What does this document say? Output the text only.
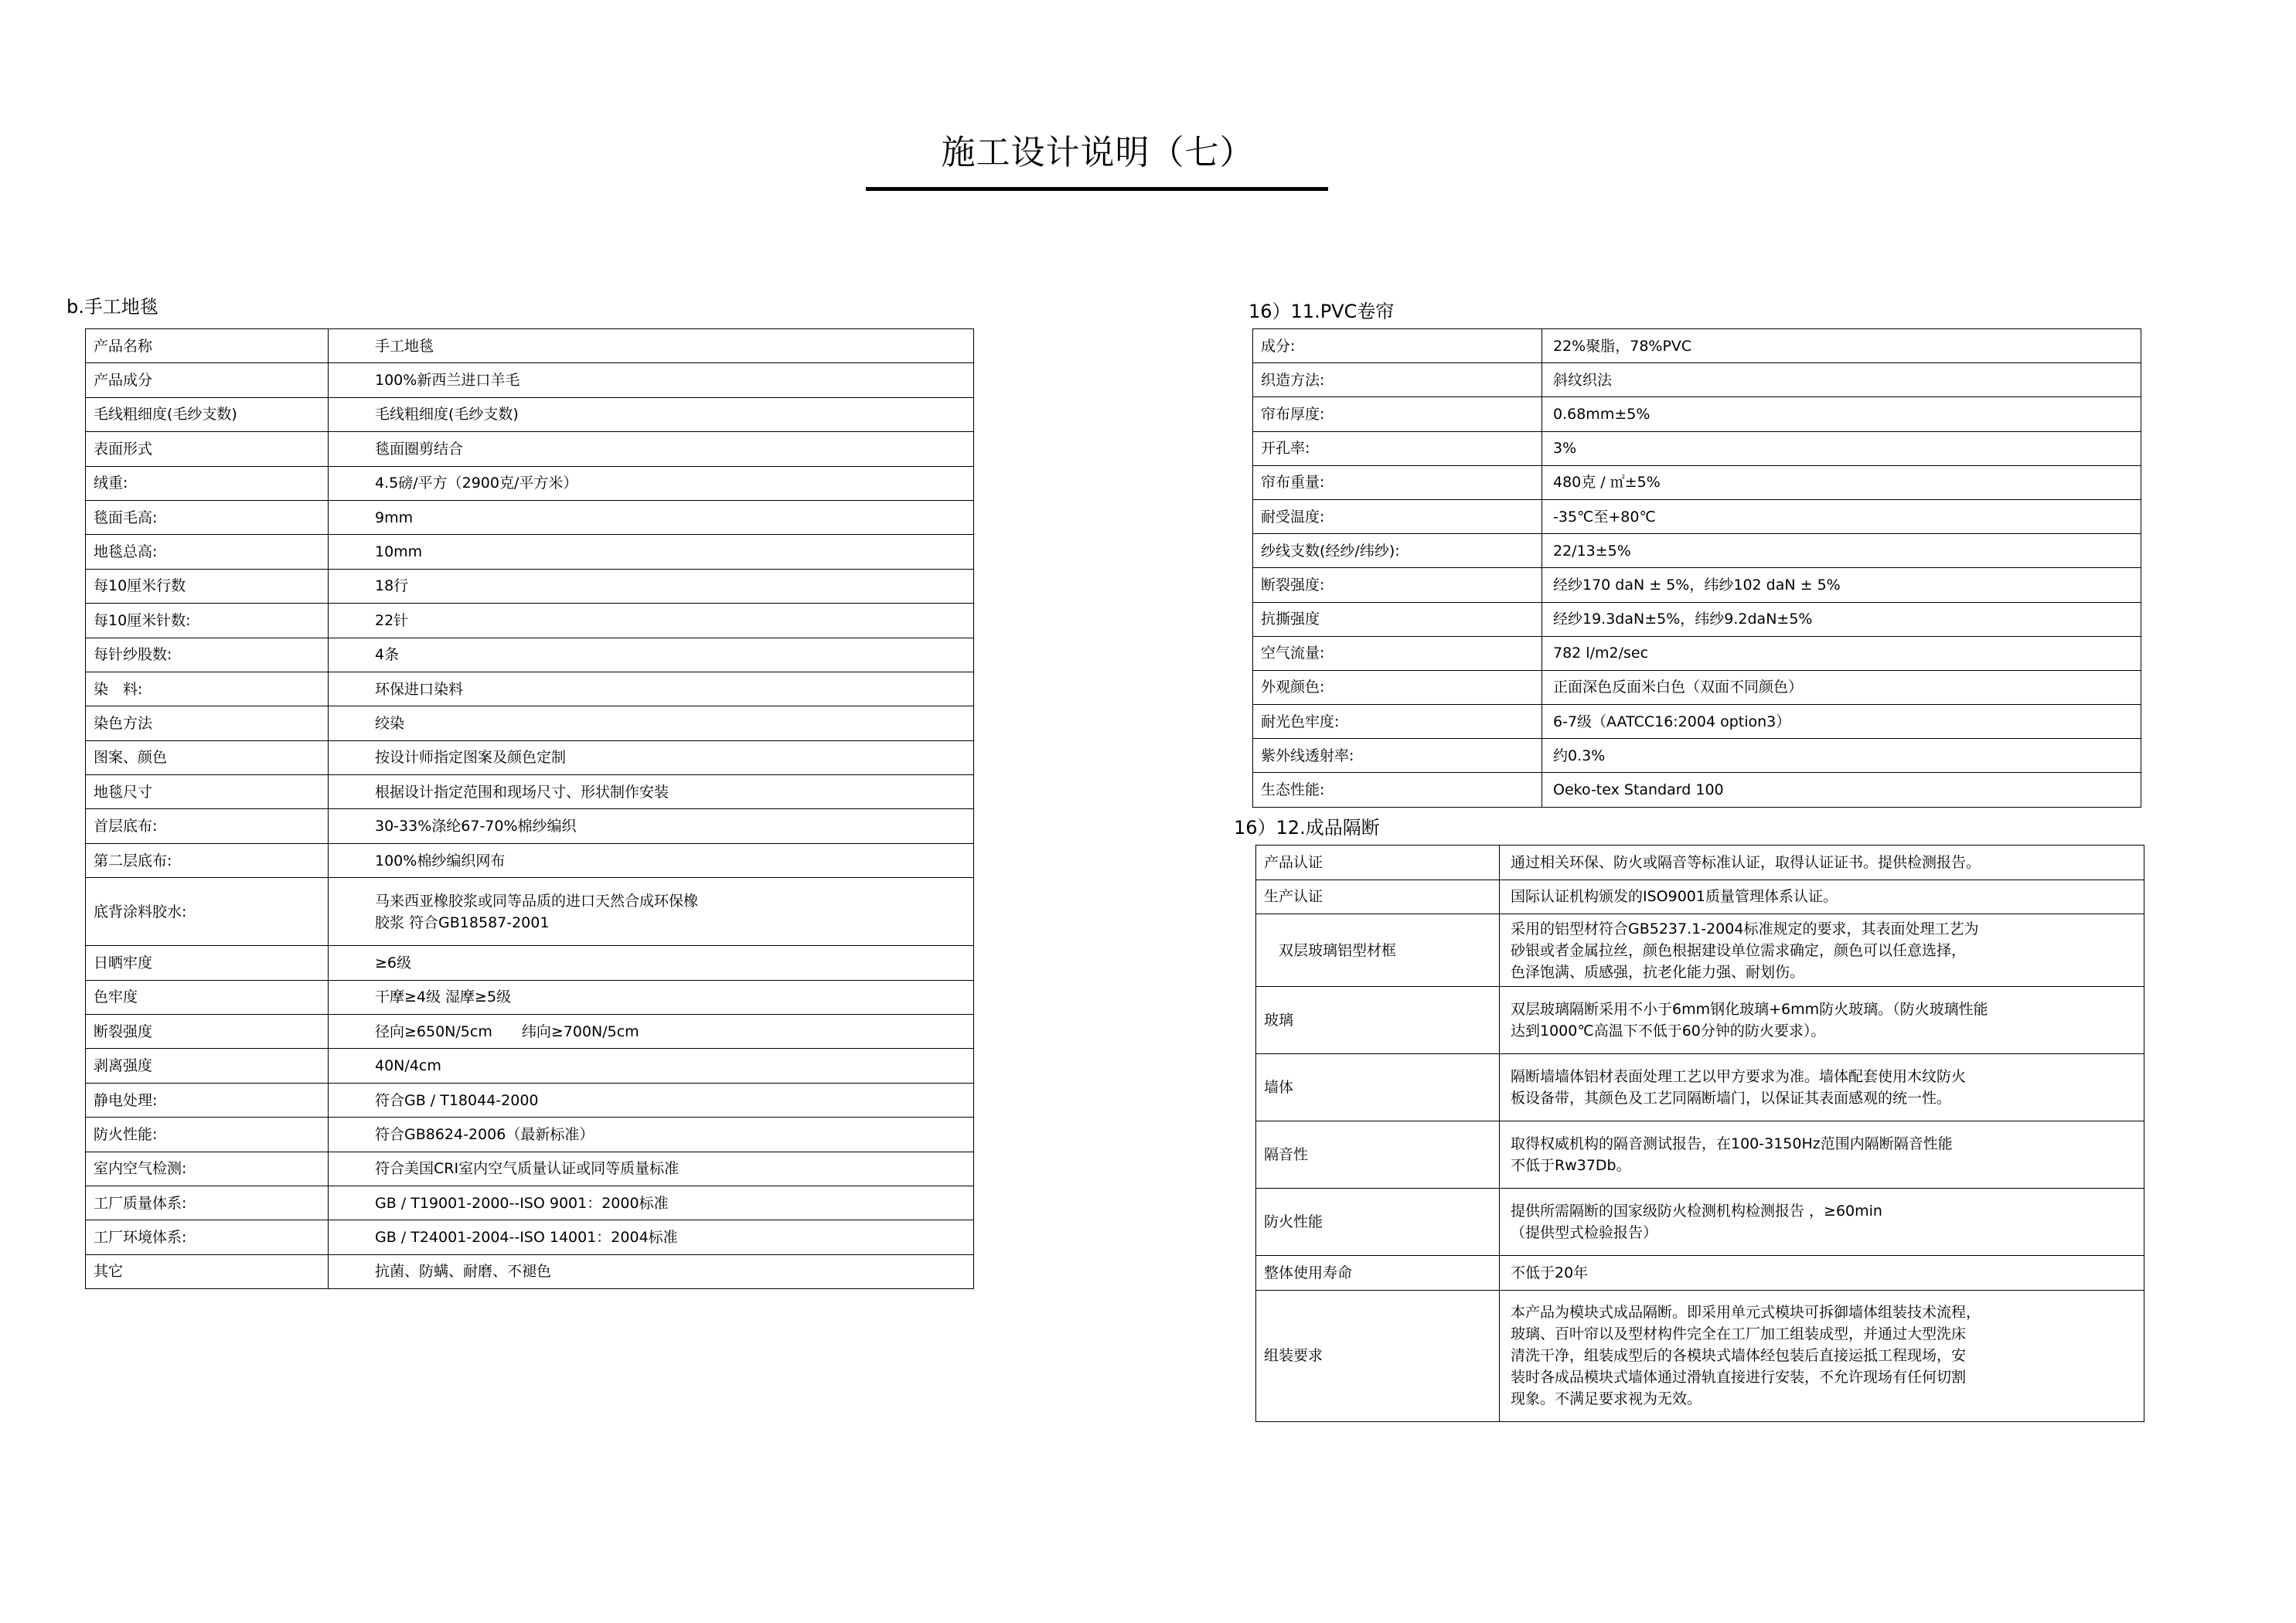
施工设计说明（七）
b.手工地毯
产品名称	手工地毯
产品成分	100%新西兰进口羊毛
毛线粗细度(毛纱支数)	毛线粗细度(毛纱支数)
表面形式	毯面圈剪结合
绒重:	4.5磅/平方（2900克/平方米）
毯面毛高:	9mm
地毯总高:	10mm
每10厘米行数	18行
每10厘米针数:	22针
每针纱股数:	4条
染　料:	环保进口染料
染色方法	绞染
图案、颜色	按设计师指定图案及颜色定制
地毯尺寸	根据设计指定范围和现场尺寸、形状制作安装
首层底布:	30-33%涤纶67-70%棉纱编织
第二层底布:	100%棉纱编织网布
底背涂料胶水:	马来西亚橡胶浆或同等品质的进口天然合成环保橡
胶浆 符合GB18587-2001
日晒牢度	≥6级
色牢度	干摩≥4级 湿摩≥5级
断裂强度	径向≥650N/5cm　　纬向≥700N/5cm
剥离强度	40N/4cm
静电处理:	符合GB / T18044-2000
防火性能:	符合GB8624-2006（最新标准）
室内空气检测:	符合美国CRI室内空气质量认证或同等质量标准
工厂质量体系:	GB / T19001-2000--ISO 9001：2000标准
工厂环境体系:	GB / T24001-2004--ISO 14001：2004标准
其它	抗菌、防螨、耐磨、不褪色
16）11.PVC卷帘
成分:	22%聚脂，78%PVC
织造方法:	斜纹织法
帘布厚度:	0.68mm±5%
开孔率:	3%
帘布重量:	480克 / ㎡±5%
耐受温度:	-35℃至+80℃
纱线支数(经纱/纬纱):	22/13±5%
断裂强度:	经纱170 daN ± 5%，纬纱102 daN ± 5%
抗撕强度	经纱19.3daN±5%，纬纱9.2daN±5%
空气流量:	782 l/m2/sec
外观颜色:	正面深色反面米白色（双面不同颜色）
耐光色牢度:	6-7级（AATCC16:2004 option3）
紫外线透射率:	约0.3%
生态性能:	Oeko-tex Standard 100
16）12.成品隔断
产品认证	通过相关环保、防火或隔音等标准认证，取得认证证书。提供检测报告。
生产认证	国际认证机构颁发的ISO9001质量管理体系认证。
　双层玻璃铝型材框	采用的铝型材符合GB5237.1-2004标准规定的要求，其表面处理工艺为
砂银或者金属拉丝，颜色根据建设单位需求确定，颜色可以任意选择，
色泽饱满、质感强，抗老化能力强、耐划伤。
玻璃	双层玻璃隔断采用不小于6mm钢化玻璃+6mm防火玻璃。（防火玻璃性能
达到1000℃高温下不低于60分钟的防火要求）。
墙体	隔断墙墙体铝材表面处理工艺以甲方要求为准。墙体配套使用木纹防火
板设备带，其颜色及工艺同隔断墙门，以保证其表面感观的统一性。
隔音性	取得权威机构的隔音测试报告，在100-3150Hz范围内隔断隔音性能
不低于Rw37Db。
防火性能	提供所需隔断的国家级防火检测机构检测报告 ，≥60min
（提供型式检验报告）
整体使用寿命	不低于20年
组装要求	本产品为模块式成品隔断。即采用单元式模块可拆御墙体组装技术流程，
玻璃、百叶帘以及型材构件完全在工厂加工组装成型，并通过大型洗床
清洗干净，组装成型后的各模块式墙体经包装后直接运抵工程现场，安
装时各成品模块式墙体通过滑轨直接进行安装，不允许现场有任何切割
现象。不满足要求视为无效。
